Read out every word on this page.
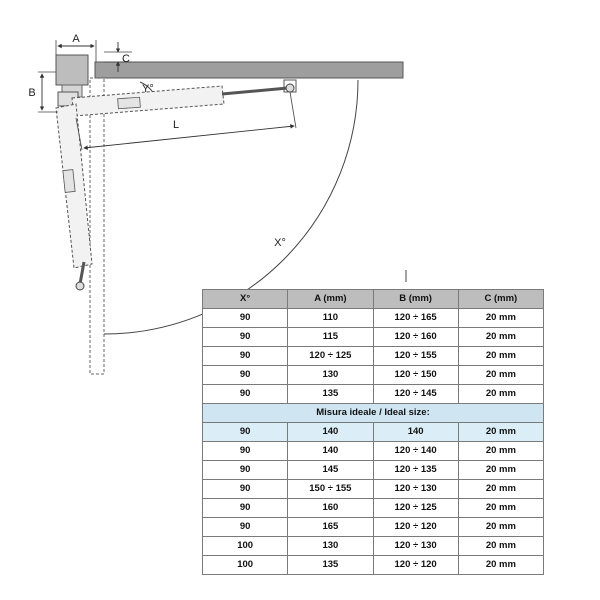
A
B
C
L
Y°
X°
X°	A (mm)	B (mm)	C (mm)
90	110	120 ÷ 165	20 mm
90	115	120 ÷ 160	20 mm
90	120 ÷ 125	120 ÷ 155	20 mm
90	130	120 ÷ 150	20 mm
90	135	120 ÷ 145	20 mm
Misura ideale / Ideal size:			
90	140	140	20 mm
90	140	120 ÷ 140	20 mm
90	145	120 ÷ 135	20 mm
90	150 ÷ 155	120 ÷ 130	20 mm
90	160	120 ÷ 125	20 mm
90	165	120 ÷ 120	20 mm
100	130	120 ÷ 130	20 mm
100	135	120 ÷ 120	20 mm
